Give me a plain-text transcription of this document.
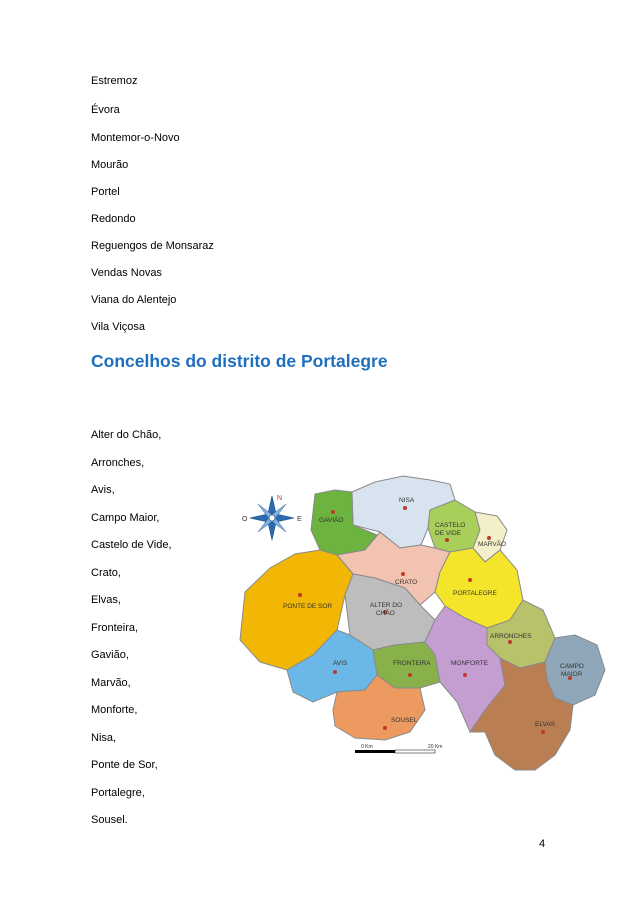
Estremoz
Évora
Montemor-o-Novo
Mourão
Portel
Redondo
Reguengos de Monsaraz
Vendas Novas
Viana do Alentejo
Vila Viçosa
Concelhos do distrito de Portalegre
Alter do Chão,
Arronches,
Avis,
Campo Maior,
Castelo de Vide,
Crato,
Elvas,
Fronteira,
Gavião,
Marvão,
Monforte,
Nisa,
Ponte de Sor,
Portalegre,
Sousel.
N
O	E
NISA
GAVIÃO
CASTELO
DE VIDE
MARVÃO
CRATO
PORTALEGRE
PONTE DE SOR	ALTER DO
CHÃO
ARRONCHES
AVIS	FRONTEIRA	MONFORTE	CAMPO
MAIOR
SOUSEL
ELVAS
0 Km	20 Km
4
